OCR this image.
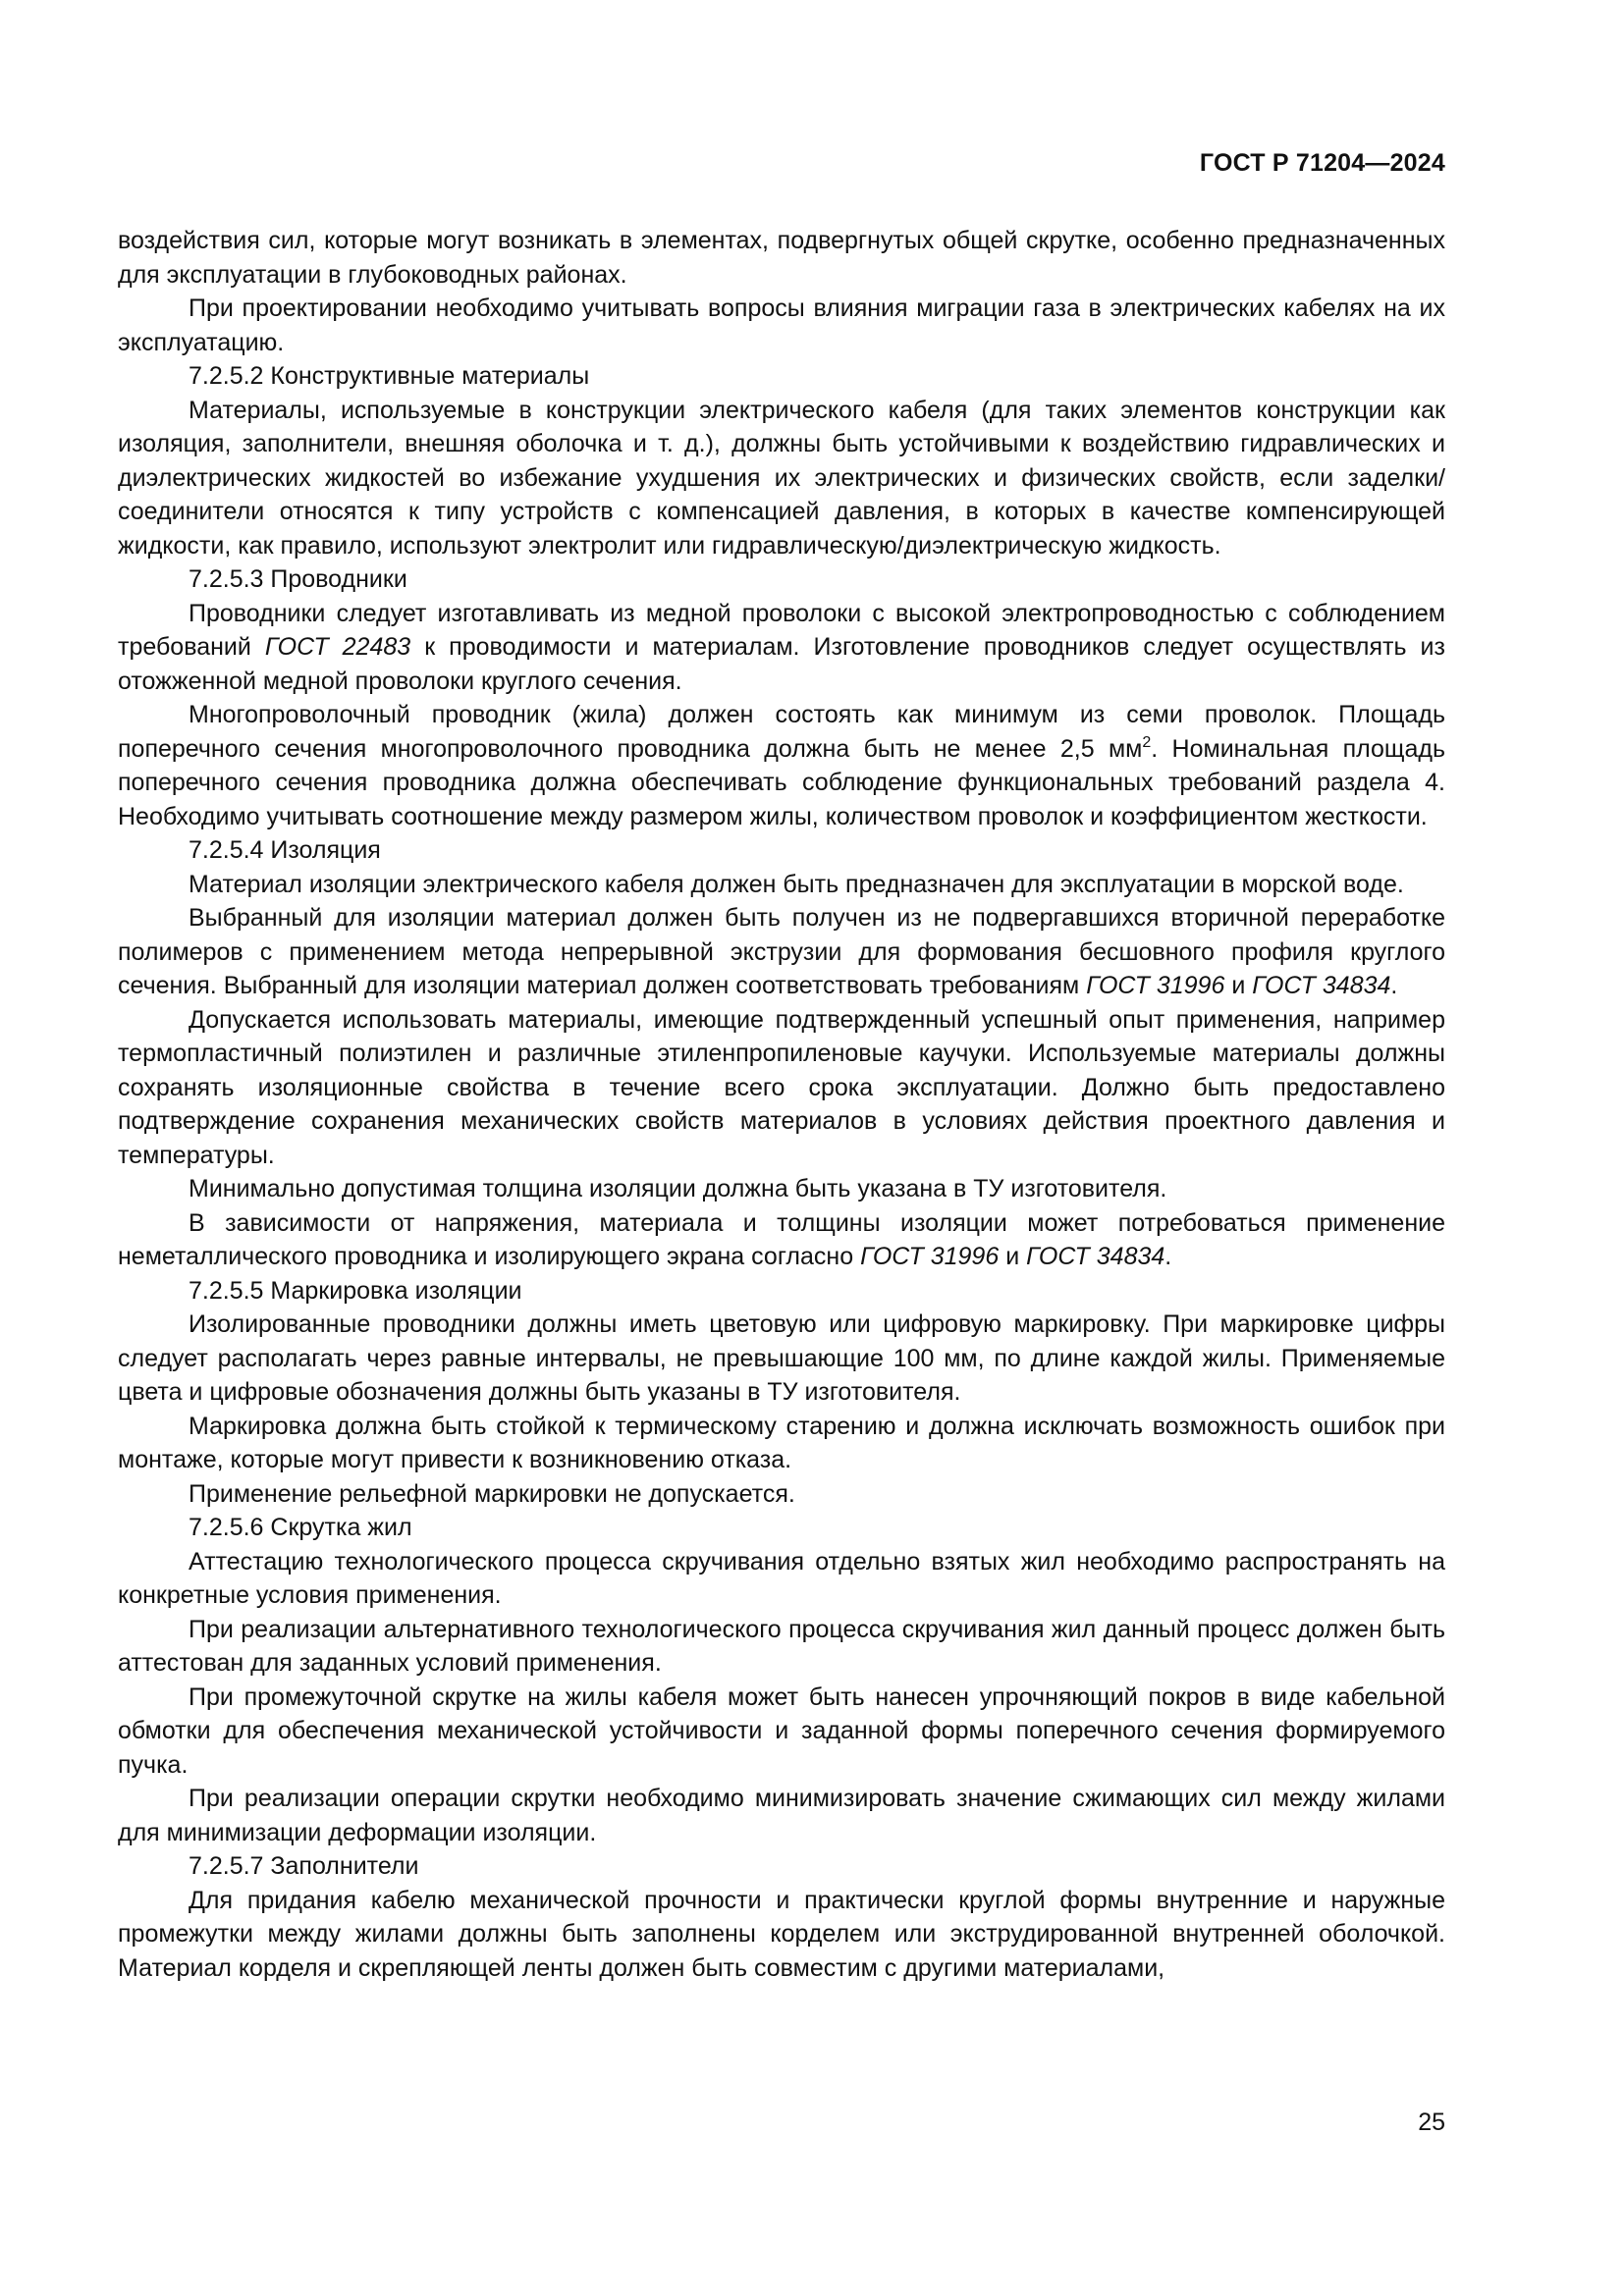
ГОСТ Р 71204—2024

воздействия сил, которые могут возникать в элементах, подвергнутых общей скрутке, особенно предназначенных для эксплуатации в глубоководных районах.

При проектировании необходимо учитывать вопросы влияния миграции газа в электрических кабелях на их эксплуатацию.

7.2.5.2 Конструктивные материалы

Материалы, используемые в конструкции электрического кабеля (для таких элементов конструкции как изоляция, заполнители, внешняя оболочка и т. д.), должны быть устойчивыми к воздействию гидравлических и диэлектрических жидкостей во избежание ухудшения их электрических и физических свойств, если заделки/соединители относятся к типу устройств с компенсацией давления, в которых в качестве компенсирующей жидкости, как правило, используют электролит или гидравлическую/диэлектрическую жидкость.

7.2.5.3 Проводники

Проводники следует изготавливать из медной проволоки с высокой электропроводностью с соблюдением требований ГОСТ 22483 к проводимости и материалам. Изготовление проводников следует осуществлять из отожженной медной проволоки круглого сечения.

Многопроволочный проводник (жила) должен состоять как минимум из семи проволок. Площадь поперечного сечения многопроволочного проводника должна быть не менее 2,5 $мм^2$. Номинальная площадь поперечного сечения проводника должна обеспечивать соблюдение функциональных требований раздела 4. Необходимо учитывать соотношение между размером жилы, количеством проволок и коэффициентом жесткости.

7.2.5.4 Изоляция

Материал изоляции электрического кабеля должен быть предназначен для эксплуатации в морской воде.

Выбранный для изоляции материал должен быть получен из не подвергавшихся вторичной переработке полимеров с применением метода непрерывной экструзии для формования бесшовного профиля круглого сечения. Выбранный для изоляции материал должен соответствовать требованиям ГОСТ 31996 и ГОСТ 34834.

Допускается использовать материалы, имеющие подтвержденный успешный опыт применения, например термопластичный полиэтилен и различные этиленпропиленовые каучуки. Используемые материалы должны сохранять изоляционные свойства в течение всего срока эксплуатации. Должно быть предоставлено подтверждение сохранения механических свойств материалов в условиях действия проектного давления и температуры.

Минимально допустимая толщина изоляции должна быть указана в ТУ изготовителя.

В зависимости от напряжения, материала и толщины изоляции может потребоваться применение неметаллического проводника и изолирующего экрана согласно ГОСТ 31996 и ГОСТ 34834.

7.2.5.5 Маркировка изоляции

Изолированные проводники должны иметь цветовую или цифровую маркировку. При маркировке цифры следует располагать через равные интервалы, не превышающие 100 мм, по длине каждой жилы. Применяемые цвета и цифровые обозначения должны быть указаны в ТУ изготовителя.

Маркировка должна быть стойкой к термическому старению и должна исключать возможность ошибок при монтаже, которые могут привести к возникновению отказа.

Применение рельефной маркировки не допускается.

7.2.5.6 Скрутка жил

Аттестацию технологического процесса скручивания отдельно взятых жил необходимо распространять на конкретные условия применения.

При реализации альтернативного технологического процесса скручивания жил данный процесс должен быть аттестован для заданных условий применения.

При промежуточной скрутке на жилы кабеля может быть нанесен упрочняющий покров в виде кабельной обмотки для обеспечения механической устойчивости и заданной формы поперечного сечения формируемого пучка.

При реализации операции скрутки необходимо минимизировать значение сжимающих сил между жилами для минимизации деформации изоляции.

7.2.5.7 Заполнители

Для придания кабелю механической прочности и практически круглой формы внутренние и наружные промежутки между жилами должны быть заполнены корделем или экструдированной внутренней оболочкой. Материал корделя и скрепляющей ленты должен быть совместим с другими материалами,

25
